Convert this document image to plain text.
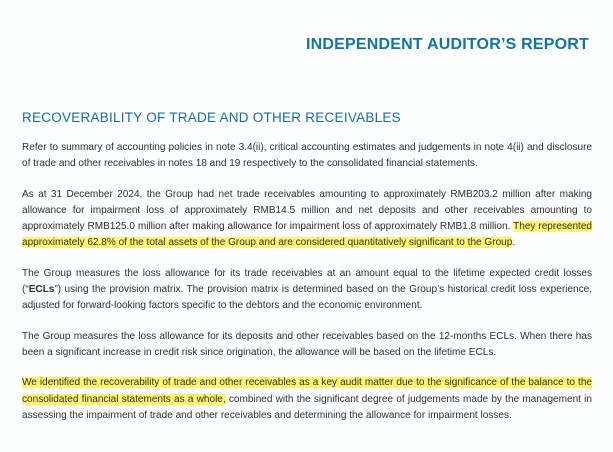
INDEPENDENT AUDITOR’S REPORT
RECOVERABILITY OF TRADE AND OTHER RECEIVABLES

Refer to summary of accounting policies in note 3.4(ii), critical accounting estimates and judgements in note 4(ii) and disclosure of trade and other receivables in notes 18 and 19 respectively to the consolidated financial statements.

As at 31 December 2024, the Group had net trade receivables amounting to approximately RMB203.2 million after making allowance for impairment loss of approximately RMB14.5 million and net deposits and other receivables amounting to approximately RMB125.0 million after making allowance for impairment loss of approximately RMB1.8 million. They represented approximately 62.8% of the total assets of the Group and are considered quantitatively significant to the Group.

The Group measures the loss allowance for its trade receivables at an amount equal to the lifetime expected credit losses (“ECLs”) using the provision matrix. The provision matrix is determined based on the Group’s historical credit loss experience, adjusted for forward-looking factors specific to the debtors and the economic environment.

The Group measures the loss allowance for its deposits and other receivables based on the 12-months ECLs. When there has been a significant increase in credit risk since origination, the allowance will be based on the lifetime ECLs.

We identified the recoverability of trade and other receivables as a key audit matter due to the significance of the balance to the consolidated financial statements as a whole, combined with the significant degree of judgements made by the management in assessing the impairment of trade and other receivables and determining the allowance for impairment losses.
